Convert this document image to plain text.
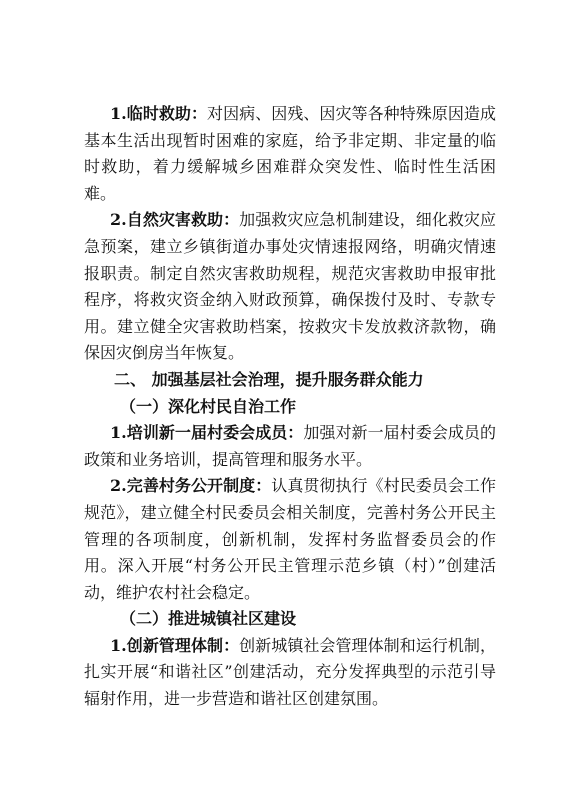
1.临时救助：对因病、因残、因灾等各种特殊原因造成基本生活出现暂时困难的家庭，给予非定期、非定量的临时救助，着力缓解城乡困难群众突发性、临时性生活困难。

2.自然灾害救助：加强救灾应急机制建设，细化救灾应急预案，建立乡镇街道办事处灾情速报网络，明确灾情速报职责。制定自然灾害救助规程，规范灾害救助申报审批程序，将救灾资金纳入财政预算，确保拨付及时、专款专用。建立健全灾害救助档案，按救灾卡发放救济款物，确保因灾倒房当年恢复。

二、 加强基层社会治理，提升服务群众能力

（一）深化村民自治工作

1.培训新一届村委会成员：加强对新一届村委会成员的政策和业务培训，提高管理和服务水平。

2.完善村务公开制度：认真贯彻执行《村民委员会工作规范》，建立健全村民委员会相关制度，完善村务公开民主管理的各项制度，创新机制，发挥村务监督委员会的作用。深入开展“村务公开民主管理示范乡镇（村）”创建活动，维护农村社会稳定。

（二）推进城镇社区建设

1.创新管理体制：创新城镇社会管理体制和运行机制，扎实开展“和谐社区”创建活动，充分发挥典型的示范引导辐射作用，进一步营造和谐社区创建氛围。
